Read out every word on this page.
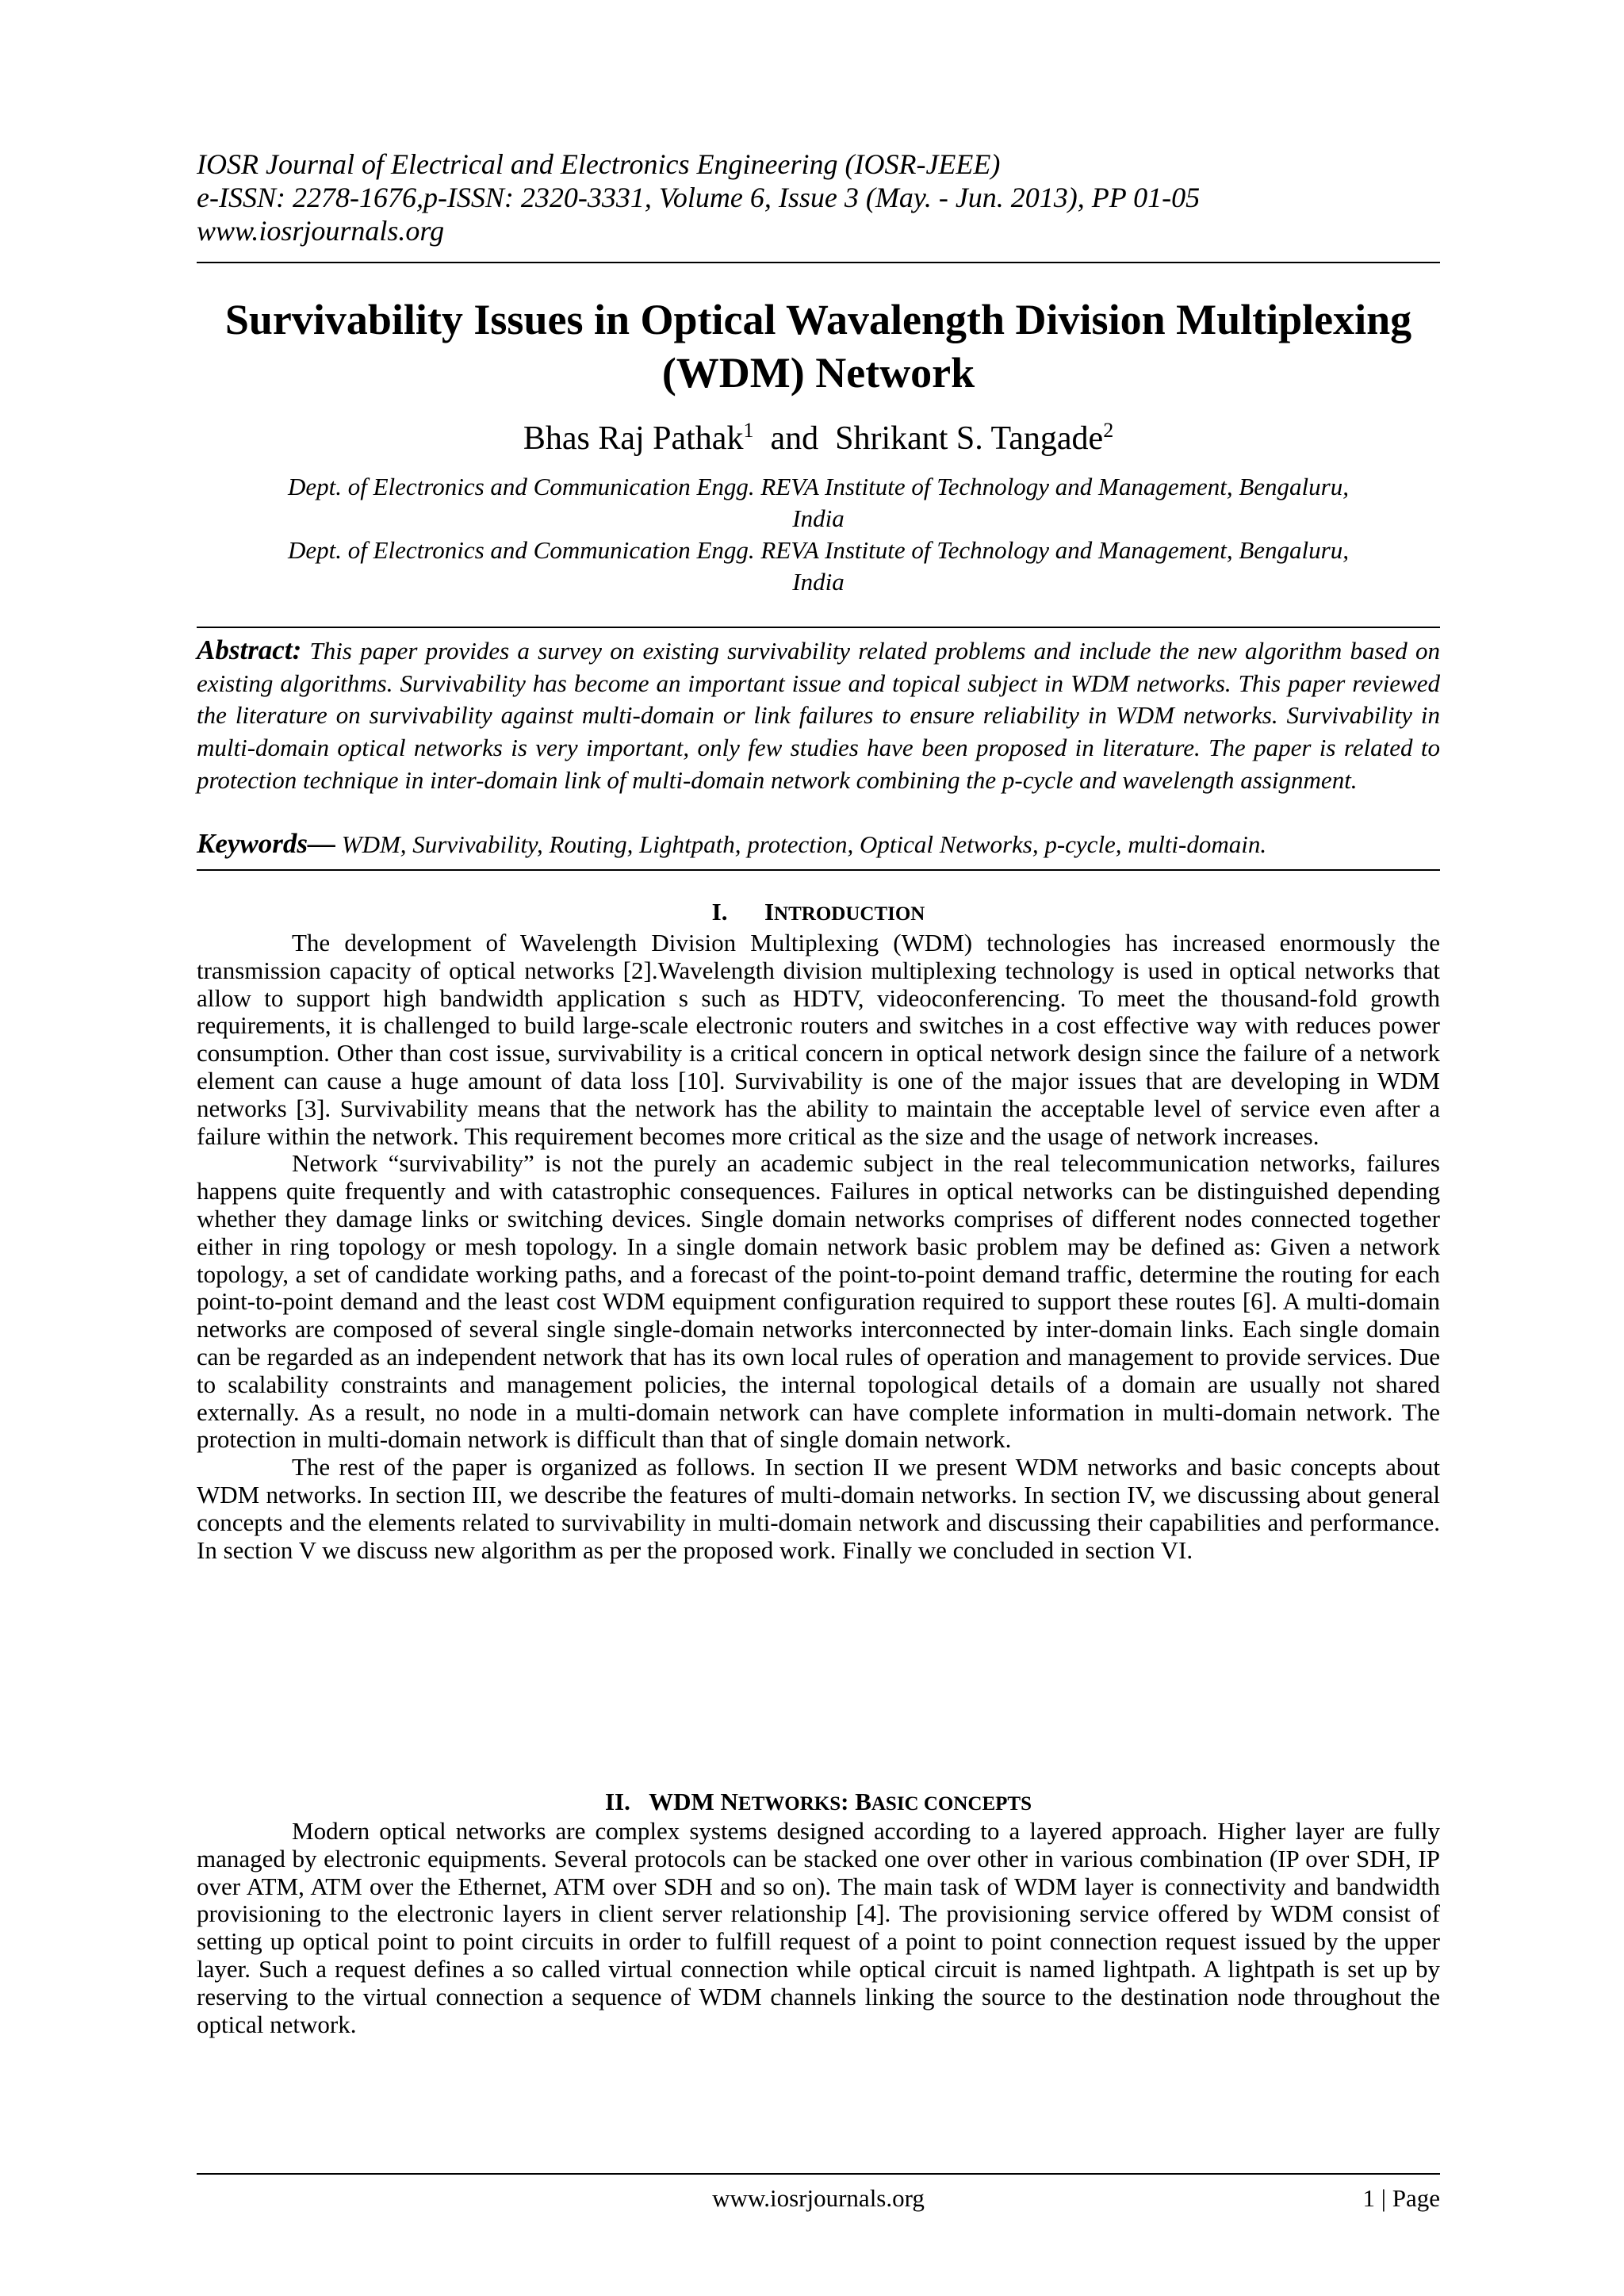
IOSR Journal of Electrical and Electronics Engineering (IOSR-JEEE)
e-ISSN: 2278-1676,p-ISSN: 2320-3331, Volume 6, Issue 3 (May. - Jun. 2013), PP 01-05
www.iosrjournals.org
Survivability Issues in Optical Wavalength Division Multiplexing
(WDM) Network
Bhas Raj Pathak$^1$ and Shrikant S. Tangade$^2$
Dept. of Electronics and Communication Engg. REVA Institute of Technology and Management, Bengaluru,
India
Dept. of Electronics and Communication Engg. REVA Institute of Technology and Management, Bengaluru,
India
Abstract: This paper provides a survey on existing survivability related problems and include the new algorithm based on existing algorithms. Survivability has become an important issue and topical subject in WDM networks. This paper reviewed the literature on survivability against multi-domain or link failures to ensure reliability in WDM networks. Survivability in multi-domain optical networks is very important, only few studies have been proposed in literature. The paper is related to protection technique in inter-domain link of multi-domain network combining the p-cycle and wavelength assignment.
Keywords— WDM, Survivability, Routing, Lightpath, protection, Optical Networks, p-cycle, multi-domain.
I. INTRODUCTION

The development of Wavelength Division Multiplexing (WDM) technologies has increased enormously the transmission capacity of optical networks [2].Wavelength division multiplexing technology is used in optical networks that allow to support high bandwidth application s such as HDTV, videoconferencing. To meet the thousand-fold growth requirements, it is challenged to build large-scale electronic routers and switches in a cost effective way with reduces power consumption. Other than cost issue, survivability is a critical concern in optical network design since the failure of a network element can cause a huge amount of data loss [10]. Survivability is one of the major issues that are developing in WDM networks [3]. Survivability means that the network has the ability to maintain the acceptable level of service even after a failure within the network. This requirement becomes more critical as the size and the usage of network increases.

Network “survivability” is not the purely an academic subject in the real telecommunication networks, failures happens quite frequently and with catastrophic consequences. Failures in optical networks can be distinguished depending whether they damage links or switching devices. Single domain networks comprises of different nodes connected together either in ring topology or mesh topology. In a single domain network basic problem may be defined as: Given a network topology, a set of candidate working paths, and a forecast of the point-to-point demand traffic, determine the routing for each point-to-point demand and the least cost WDM equipment configuration required to support these routes [6]. A multi-domain networks are composed of several single single-domain networks interconnected by inter-domain links. Each single domain can be regarded as an independent network that has its own local rules of operation and management to provide services. Due to scalability constraints and management policies, the internal topological details of a domain are usually not shared externally. As a result, no node in a multi-domain network can have complete information in multi-domain network. The protection in multi-domain network is difficult than that of single domain network.

The rest of the paper is organized as follows. In section II we present WDM networks and basic concepts about WDM networks. In section III, we describe the features of multi-domain networks. In section IV, we discussing about general concepts and the elements related to survivability in multi-domain network and discussing their capabilities and performance. In section V we discuss new algorithm as per the proposed work. Finally we concluded in section VI.

II. WDM NETWORKS: BASIC CONCEPTS

Modern optical networks are complex systems designed according to a layered approach. Higher layer are fully managed by electronic equipments. Several protocols can be stacked one over other in various combination (IP over SDH, IP over ATM, ATM over the Ethernet, ATM over SDH and so on). The main task of WDM layer is connectivity and bandwidth provisioning to the electronic layers in client server relationship [4]. The provisioning service offered by WDM consist of setting up optical point to point circuits in order to fulfill request of a point to point connection request issued by the upper layer. Such a request defines a so called virtual connection while optical circuit is named lightpath. A lightpath is set up by reserving to the virtual connection a sequence of WDM channels linking the source to the destination node throughout the optical network.

www.iosrjournals.org	1 | Page
